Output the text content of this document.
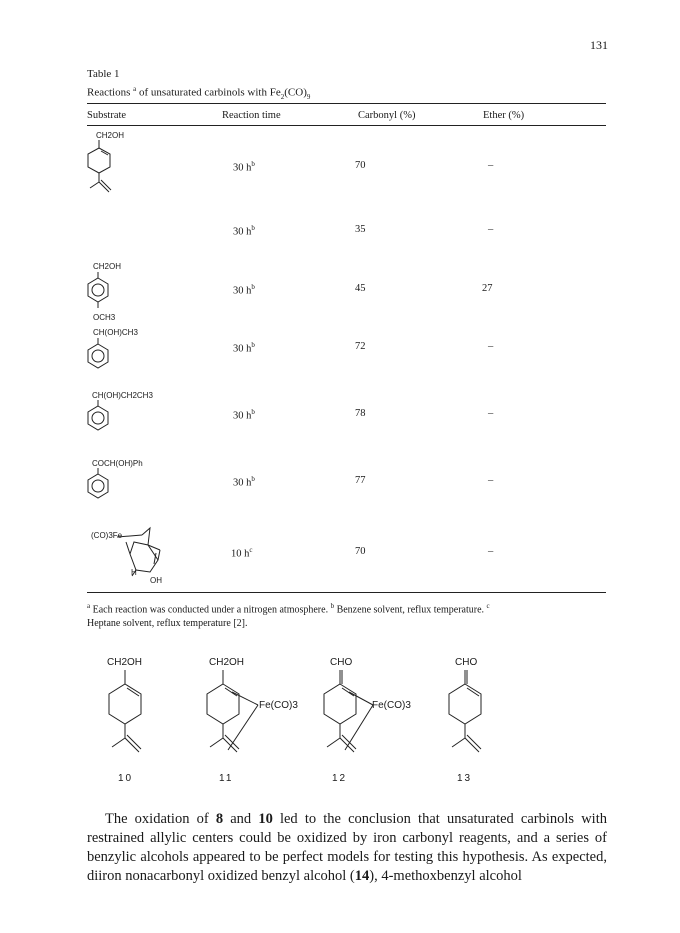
131
Table 1
Reactions $^a$ of unsaturated carbinols with $Fe_2(CO)_9$
Substrate	Reaction time	Carbonyl (%)	Ether (%)
CH2OH
30 $h^b$	70	–
30 $h^b$	35	–
CH2OH
OCH3
30 $h^b$	45	27
CH(OH)CH3
30 $h^b$	72	–
CH(OH)CH2CH3
30 $h^b$	78	–
COCH(OH)Ph
30 $h^b$	77	–
(CO)3Fe
H
OH
10 $h^c$	70	–
$^a$ Each reaction was conducted under a nitrogen atmosphere. $^b$ Benzene solvent, reflux temperature. $^c$
Heptane solvent, reflux temperature [2].
CH2OH
10
CH2OH
Fe(CO)3
11
CHO
Fe(CO)3
12
CHO
13

The oxidation of 8 and 10 led to the conclusion that unsaturated carbinols with restrained allylic centers could be oxidized by iron carbonyl reagents, and a series of benzylic alcohols appeared to be perfect models for testing this hypothesis. As expected, diiron nonacarbonyl oxidized benzyl alcohol (14), 4-methoxbenzyl alcohol
